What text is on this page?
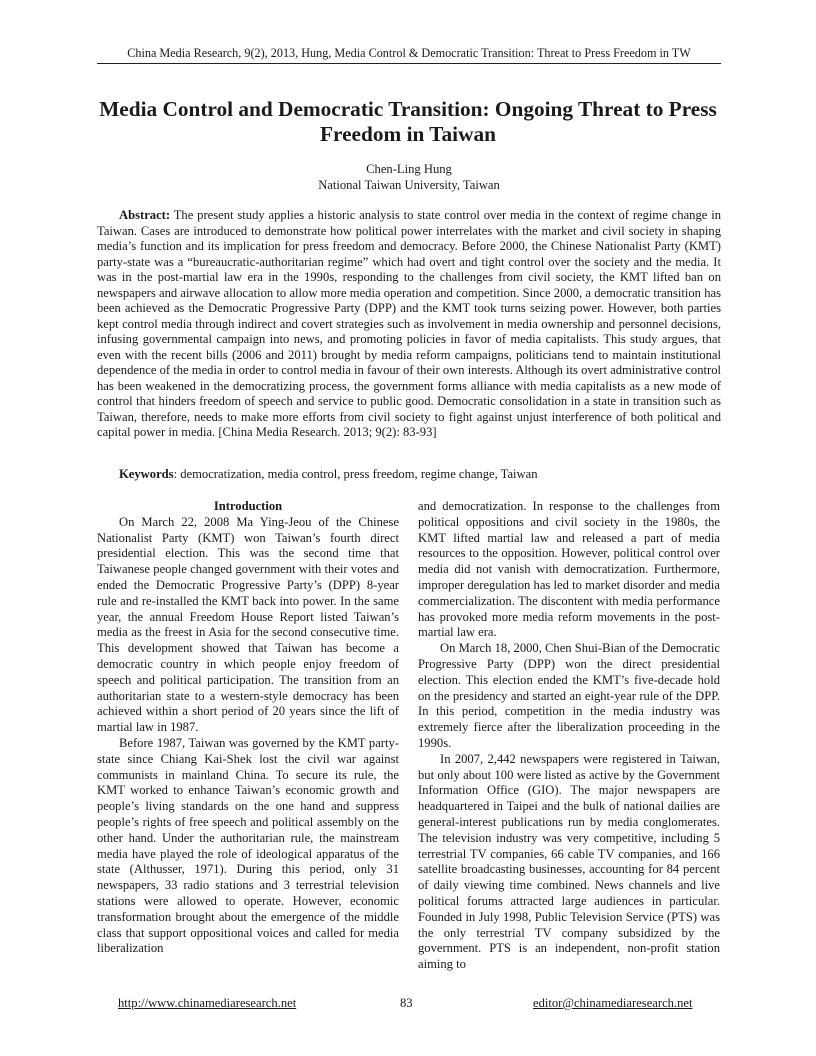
China Media Research, 9(2), 2013, Hung, Media Control & Democratic Transition: Threat to Press Freedom in TW
Media Control and Democratic Transition: Ongoing Threat to Press Freedom in Taiwan
Chen-Ling Hung
National Taiwan University, Taiwan

Abstract: The present study applies a historic analysis to state control over media in the context of regime change in Taiwan. Cases are introduced to demonstrate how political power interrelates with the market and civil society in shaping media’s function and its implication for press freedom and democracy. Before 2000, the Chinese Nationalist Party (KMT) party-state was a “bureaucratic-authoritarian regime” which had overt and tight control over the society and the media. It was in the post-martial law era in the 1990s, responding to the challenges from civil society, the KMT lifted ban on newspapers and airwave allocation to allow more media operation and competition. Since 2000, a democratic transition has been achieved as the Democratic Progressive Party (DPP) and the KMT took turns seizing power. However, both parties kept control media through indirect and covert strategies such as involvement in media ownership and personnel decisions, infusing governmental campaign into news, and promoting policies in favor of media capitalists. This study argues, that even with the recent bills (2006 and 2011) brought by media reform campaigns, politicians tend to maintain institutional dependence of the media in order to control media in favour of their own interests. Although its overt administrative control has been weakened in the democratizing process, the government forms alliance with media capitalists as a new mode of control that hinders freedom of speech and service to public good. Democratic consolidation in a state in transition such as Taiwan, therefore, needs to make more efforts from civil society to fight against unjust interference of both political and capital power in media. [China Media Research. 2013; 9(2): 83-93]

Keywords: democratization, media control, press freedom, regime change, Taiwan

Introduction

On March 22, 2008 Ma Ying-Jeou of the Chinese Nationalist Party (KMT) won Taiwan’s fourth direct presidential election. This was the second time that Taiwanese people changed government with their votes and ended the Democratic Progressive Party’s (DPP) 8-year rule and re-installed the KMT back into power. In the same year, the annual Freedom House Report listed Taiwan’s media as the freest in Asia for the second consecutive time. This development showed that Taiwan has become a democratic country in which people enjoy freedom of speech and political participation. The transition from an authoritarian state to a western-style democracy has been achieved within a short period of 20 years since the lift of martial law in 1987.

Before 1987, Taiwan was governed by the KMT party-state since Chiang Kai-Shek lost the civil war against communists in mainland China. To secure its rule, the KMT worked to enhance Taiwan’s economic growth and people’s living standards on the one hand and suppress people’s rights of free speech and political assembly on the other hand. Under the authoritarian rule, the mainstream media have played the role of ideological apparatus of the state (Althusser, 1971). During this period, only 31 newspapers, 33 radio stations and 3 terrestrial television stations were allowed to operate. However, economic transformation brought about the emergence of the middle class that support oppositional voices and called for media liberalization

and democratization. In response to the challenges from political oppositions and civil society in the 1980s, the KMT lifted martial law and released a part of media resources to the opposition. However, political control over media did not vanish with democratization. Furthermore, improper deregulation has led to market disorder and media commercialization. The discontent with media performance has provoked more media reform movements in the post-martial law era.

On March 18, 2000, Chen Shui-Bian of the Democratic Progressive Party (DPP) won the direct presidential election. This election ended the KMT’s five-decade hold on the presidency and started an eight-year rule of the DPP. In this period, competition in the media industry was extremely fierce after the liberalization proceeding in the 1990s.

In 2007, 2,442 newspapers were registered in Taiwan, but only about 100 were listed as active by the Government Information Office (GIO). The major newspapers are headquartered in Taipei and the bulk of national dailies are general-interest publications run by media conglomerates. The television industry was very competitive, including 5 terrestrial TV companies, 66 cable TV companies, and 166 satellite broadcasting businesses, accounting for 84 percent of daily viewing time combined. News channels and live political forums attracted large audiences in particular. Founded in July 1998, Public Television Service (PTS) was the only terrestrial TV company subsidized by the government. PTS is an independent, non-profit station aiming to

http://www.chinamediaresearch.net	83	editor@chinamediaresearch.net
